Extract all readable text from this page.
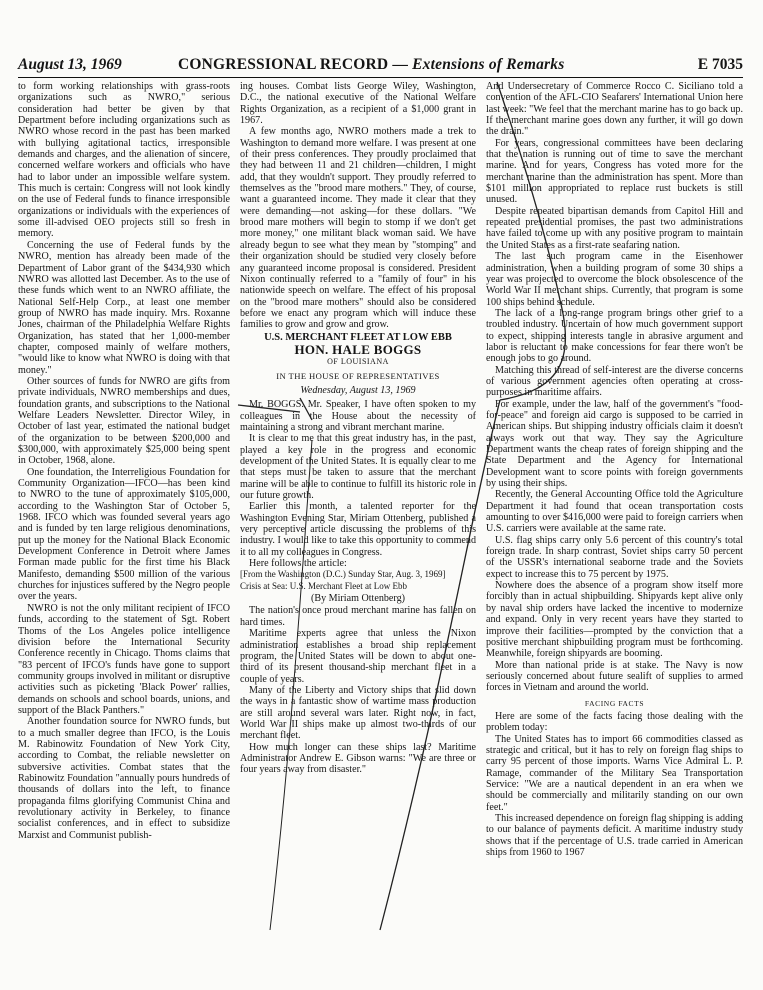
August 13, 1969	CONGRESSIONAL RECORD — Extensions of Remarks	E 7035

to form working relationships with grass-roots organizations such as NWRO," serious consideration had better be given by that Department before including organizations such as NWRO whose record in the past has been marked with bullying agitational tactics, irresponsible demands and charges, and the alienation of sincere, concerned welfare workers and officials who have had to labor under an impossible welfare system. This much is certain: Congress will not look kindly on the use of Federal funds to finance irresponsible organizations or individuals with the experiences of some ill-advised OEO projects still so fresh in memory.

Concerning the use of Federal funds by the NWRO, mention has already been made of the Department of Labor grant of the $434,930 which NWRO was allotted last December. As to the use of these funds which went to an NWRO affiliate, the National Self-Help Corp., at least one member group of NWRO has made inquiry. Mrs. Roxanne Jones, chairman of the Philadelphia Welfare Rights Organization, has stated that her 1,000-member chapter, composed mainly of welfare mothers, "would like to know what NWRO is doing with that money."

Other sources of funds for NWRO are gifts from private individuals, NWRO memberships and dues, foundation grants, and subscriptions to the National Welfare Leaders Newsletter. Director Wiley, in October of last year, estimated the national budget of the organization to be between $200,000 and $300,000, with approximately $25,000 being spent in October, 1968, alone.

One foundation, the Interreligious Foundation for Community Organization—IFCO—has been kind to NWRO to the tune of approximately $105,000, according to the Washington Star of October 5, 1968. IFCO which was founded several years ago and is funded by ten large religious denominations, put up the money for the National Black Economic Development Conference in Detroit where James Forman made public for the first time his Black Manifesto, demanding $500 million of the various churches for injustices suffered by the Negro people over the years.

NWRO is not the only militant recipient of IFCO funds, according to the statement of Sgt. Robert Thoms of the Los Angeles police intelligence division before the International Security Conference recently in Chicago. Thoms claims that "83 percent of IFCO's funds have gone to support community groups involved in militant or disruptive activities such as picketing 'Black Power' rallies, demands on schools and school boards, unions, and support of the Black Panthers."

Another foundation source for NWRO funds, but to a much smaller degree than IFCO, is the Louis M. Rabinowitz Foundation of New York City, according to Combat, the reliable newsletter on subversive activities. Combat states that the Rabinowitz Foundation "annually pours hundreds of thousands of dollars into the left, to finance propaganda films glorifying Communist China and revolutionary activity in Berkeley, to finance socialist conferences, and in effect to subsidize Marxist and Communist publish-

ing houses. Combat lists George Wiley, Washington, D.C., the national executive of the National Welfare Rights Organization, as a recipient of a $1,000 grant in 1967.

A few months ago, NWRO mothers made a trek to Washington to demand more welfare. I was present at one of their press conferences. They proudly proclaimed that they had between 11 and 21 children—children, I might add, that they wouldn't support. They proudly referred to themselves as the "brood mare mothers." They, of course, want a guaranteed income. They made it clear that they were demanding—not asking—for these dollars. "We brood mare mothers will begin to stomp if we don't get more money," one militant black woman said. We have already begun to see what they mean by "stomping" and their organization should be studied very closely before any guaranteed income proposal is considered. President Nixon continually referred to a "family of four" in his nationwide speech on welfare. The effect of his proposal on the "brood mare mothers" should also be considered before we enact any program which will induce these families to grow and grow and grow.

U.S. MERCHANT FLEET AT LOW EBB
HON. HALE BOGGS
OF LOUISIANA
IN THE HOUSE OF REPRESENTATIVES
Wednesday, August 13, 1969

Mr. BOGGS. Mr. Speaker, I have often spoken to my colleagues in the House about the necessity of maintaining a strong and vibrant merchant marine.

It is clear to me that this great industry has, in the past, played a key role in the progress and economic development of the United States. It is equally clear to me that steps must be taken to assure that the merchant marine will be able to continue to fulfill its historic role in our future growth.

Earlier this month, a talented reporter for the Washington Evening Star, Miriam Ottenberg, published a very perceptive article discussing the problems of this industry. I would like to take this opportunity to commend it to all my colleagues in Congress.

Here follows the article:

[From the Washington (D.C.) Sunday Star, Aug. 3, 1969]

Crisis at Sea: U.S. Merchant Fleet at Low Ebb

(By Miriam Ottenberg)

The nation's once proud merchant marine has fallen on hard times.

Maritime experts agree that unless the Nixon administration establishes a broad ship replacement program, the United States will be down to about one-third of its present thousand-ship merchant fleet in a couple of years.

Many of the Liberty and Victory ships that slid down the ways in a fantastic show of wartime mass production are still around several wars later. Right now, in fact, World War II ships make up almost two-thirds of our merchant fleet.

How much longer can these ships last? Maritime Administrator Andrew E. Gibson warns: "We are three or four years away from disaster."

And Undersecretary of Commerce Rocco C. Siciliano told a convention of the AFL-CIO Seafarers' International Union here last week: "We feel that the merchant marine has to go back up. If the merchant marine goes down any further, it will go down the drain."

For years, congressional committees have been declaring that the nation is running out of time to save the merchant marine. And for years, Congress has voted more for the merchant marine than the administration has spent. More than $101 million appropriated to replace rust buckets is still unused.

Despite repeated bipartisan demands from Capitol Hill and repeated presidential promises, the past two administrations have failed to come up with any positive program to maintain the United States as a first-rate seafaring nation.

The last such program came in the Eisenhower administration, when a building program of some 30 ships a year was projected to overcome the block obsolescence of the World War II merchant ships. Currently, that program is some 100 ships behind schedule.

The lack of a long-range program brings other grief to a troubled industry. Uncertain of how much government support to expect, shipping interests tangle in abrasive argument and labor is reluctant to make concessions for fear there won't be enough jobs to go around.

Matching this thread of self-interest are the diverse concerns of various government agencies often operating at cross-purposes in maritime affairs.

For example, under the law, half of the government's "food-for-peace" and foreign aid cargo is supposed to be carried in American ships. But shipping industry officials claim it doesn't always work out that way. They say the Agriculture Department wants the cheap rates of foreign shipping and the State Department and the Agency for International Development want to score points with foreign governments by using their ships.

Recently, the General Accounting Office told the Agriculture Department it had found that ocean transportation costs amounting to over $416,000 were paid to foreign carriers when U.S. carriers were available at the same rate.

U.S. flag ships carry only 5.6 percent of this country's total foreign trade. In sharp contrast, Soviet ships carry 50 percent of the USSR's international seaborne trade and the Soviets expect to increase this to 75 percent by 1975.

Nowhere does the absence of a program show itself more forcibly than in actual shipbuilding. Shipyards kept alive only by naval ship orders have lacked the incentive to modernize and expand. Only in very recent years have they started to improve their facilities—prompted by the conviction that a positive merchant shipbuilding program must be forthcoming. Meanwhile, foreign shipyards are booming.

More than national pride is at stake. The Navy is now seriously concerned about future sealift of supplies to armed forces in Vietnam and around the world.

FACING FACTS

Here are some of the facts facing those dealing with the problem today:

The United States has to import 66 commodities classed as strategic and critical, but it has to rely on foreign flag ships to carry 95 percent of those imports. Warns Vice Admiral L. P. Ramage, commander of the Military Sea Transportation Service: "We are a nautical dependent in an era when we should be commercially and militarily standing on our own feet."

This increased dependence on foreign flag shipping is adding to our balance of payments deficit. A maritime industry study shows that if the percentage of U.S. trade carried in American ships from 1960 to 1967
